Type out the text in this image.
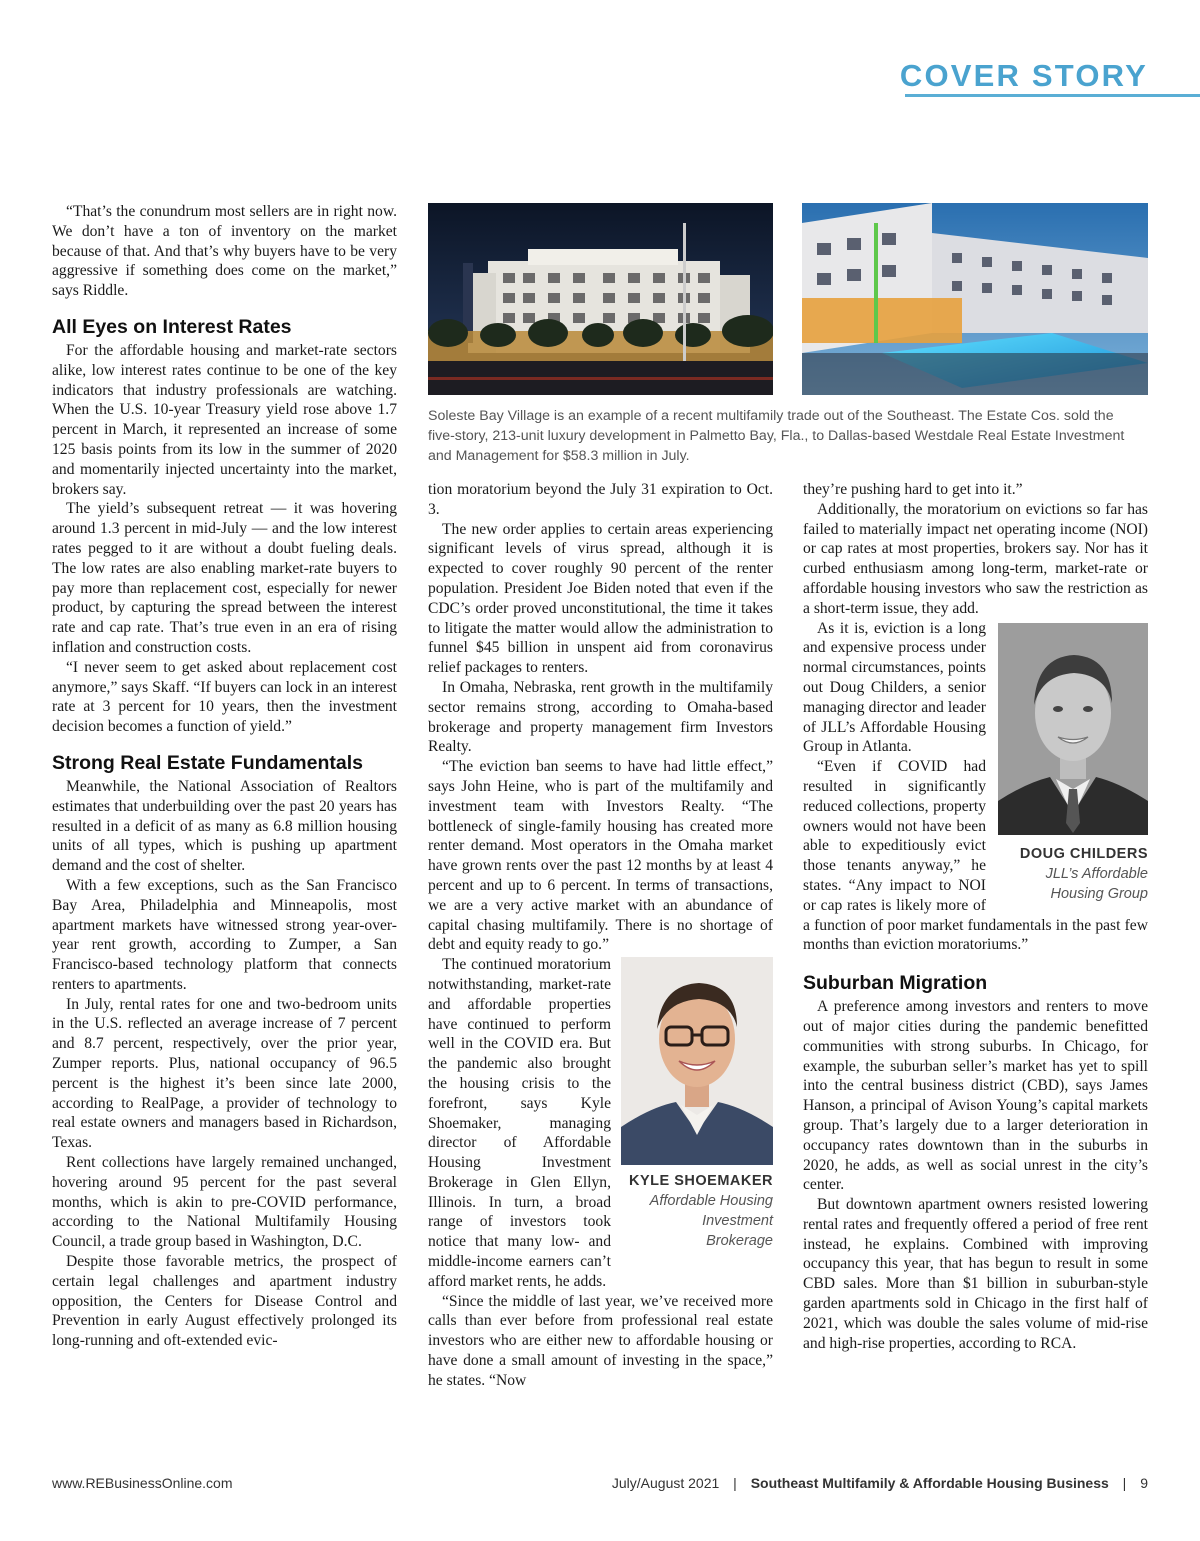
COVER STORY
Soleste Bay Village is an example of a recent multifamily trade out of the Southeast. The Estate Cos. sold the five-story, 213-unit luxury development in Palmetto Bay, Fla., to Dallas-based Westdale Real Estate Investment and Management for $58.3 million in July.

“That’s the conundrum most sellers are in right now. We don’t have a ton of inventory on the market because of that. And that’s why buyers have to be very aggressive if something does come on the market,” says Riddle.

All Eyes on Interest Rates

For the affordable housing and market-rate sectors alike, low interest rates continue to be one of the key indicators that industry professionals are watching. When the U.S. 10-year Treasury yield rose above 1.7 percent in March, it represented an increase of some 125 basis points from its low in the summer of 2020 and momentarily injected uncertainty into the market, brokers say.

The yield’s subsequent retreat — it was hovering around 1.3 percent in mid-July — and the low interest rates pegged to it are without a doubt fueling deals. The low rates are also enabling market-rate buyers to pay more than replacement cost, especially for newer product, by capturing the spread between the interest rate and cap rate. That’s true even in an era of rising inflation and construction costs.

“I never seem to get asked about replacement cost anymore,” says Skaff. “If buyers can lock in an interest rate at 3 percent for 10 years, then the investment decision becomes a function of yield.”

Strong Real Estate Fundamentals

Meanwhile, the National Association of Realtors estimates that underbuilding over the past 20 years has resulted in a deficit of as many as 6.8 million housing units of all types, which is pushing up apartment demand and the cost of shelter.

With a few exceptions, such as the San Francisco Bay Area, Philadelphia and Minneapolis, most apartment markets have witnessed strong year-over-year rent growth, according to Zumper, a San Francisco-based technology platform that connects renters to apartments.

In July, rental rates for one and two-bedroom units in the U.S. reflected an average increase of 7 percent and 8.7 percent, respectively, over the prior year, Zumper reports. Plus, national occupancy of 96.5 percent is the highest it’s been since late 2000, according to RealPage, a provider of technology to real estate owners and managers based in Richardson, Texas.

Rent collections have largely remained unchanged, hovering around 95 percent for the past several months, which is akin to pre-COVID performance, according to the National Multifamily Housing Council, a trade group based in Washington, D.C.

Despite those favorable metrics, the prospect of certain legal challenges and apartment industry opposition, the Centers for Disease Control and Prevention in early August effectively prolonged its long-running and oft-extended evic-

tion moratorium beyond the July 31 expiration to Oct. 3.

The new order applies to certain areas experiencing significant levels of virus spread, although it is expected to cover roughly 90 percent of the renter population. President Joe Biden noted that even if the CDC’s order proved unconstitutional, the time it takes to litigate the matter would allow the administration to funnel $45 billion in unspent aid from coronavirus relief packages to renters.

In Omaha, Nebraska, rent growth in the multifamily sector remains strong, according to Omaha-based brokerage and property management firm Investors Realty.

“The eviction ban seems to have had little effect,” says John Heine, who is part of the multifamily and investment team with Investors Realty. “The bottleneck of single-family housing has created more renter demand. Most operators in the Omaha market have grown rents over the past 12 months by at least 4 percent and up to 6 percent. In terms of transactions, we are a very active market with an abundance of capital chasing multifamily. There is no shortage of debt and equity ready to go.”

KYLE SHOEMAKER
Affordable Housing
Investment
Brokerage

The continued moratorium notwithstanding, market-rate and affordable properties have continued to perform well in the COVID era. But the pandemic also brought the housing crisis to the forefront, says Kyle Shoemaker, managing director of Affordable Housing Investment Brokerage in Glen Ellyn, Illinois. In turn, a broad range of investors took notice that many low- and middle-income earners can’t afford market rents, he adds.

“Since the middle of last year, we’ve received more calls than ever before from professional real estate investors who are either new to affordable housing or have done a small amount of investing in the space,” he states. “Now

they’re pushing hard to get into it.”

Additionally, the moratorium on evictions so far has failed to materially impact net operating income (NOI) or cap rates at most properties, brokers say. Nor has it curbed enthusiasm among long-term, market-rate or affordable housing investors who saw the restriction as a short-term issue, they add.

DOUG CHILDERS
JLL’s Affordable
Housing Group

As it is, eviction is a long and expensive process under normal circumstances, points out Doug Childers, a senior managing director and leader of JLL’s Affordable Housing Group in Atlanta.

“Even if COVID had resulted in significantly reduced collections, property owners would not have been able to expeditiously evict those tenants anyway,” he states. “Any impact to NOI or cap rates is likely more of a function of poor market fundamentals in the past few months than eviction moratoriums.”

Suburban Migration

A preference among investors and renters to move out of major cities during the pandemic benefitted communities with strong suburbs. In Chicago, for example, the suburban seller’s market has yet to spill into the central business district (CBD), says James Hanson, a principal of Avison Young’s capital markets group. That’s largely due to a larger deterioration in occupancy rates downtown than in the suburbs in 2020, he adds, as well as social unrest in the city’s center.

But downtown apartment owners resisted lowering rental rates and frequently offered a period of free rent instead, he explains. Combined with improving occupancy this year, that has begun to result in some CBD sales. More than $1 billion in suburban-style garden apartments sold in Chicago in the first half of 2021, which was double the sales volume of mid-rise and high-rise properties, according to RCA.

www.REBusinessOnline.com	July/August 2021 | Southeast Multifamily & Affordable Housing Business | 9
